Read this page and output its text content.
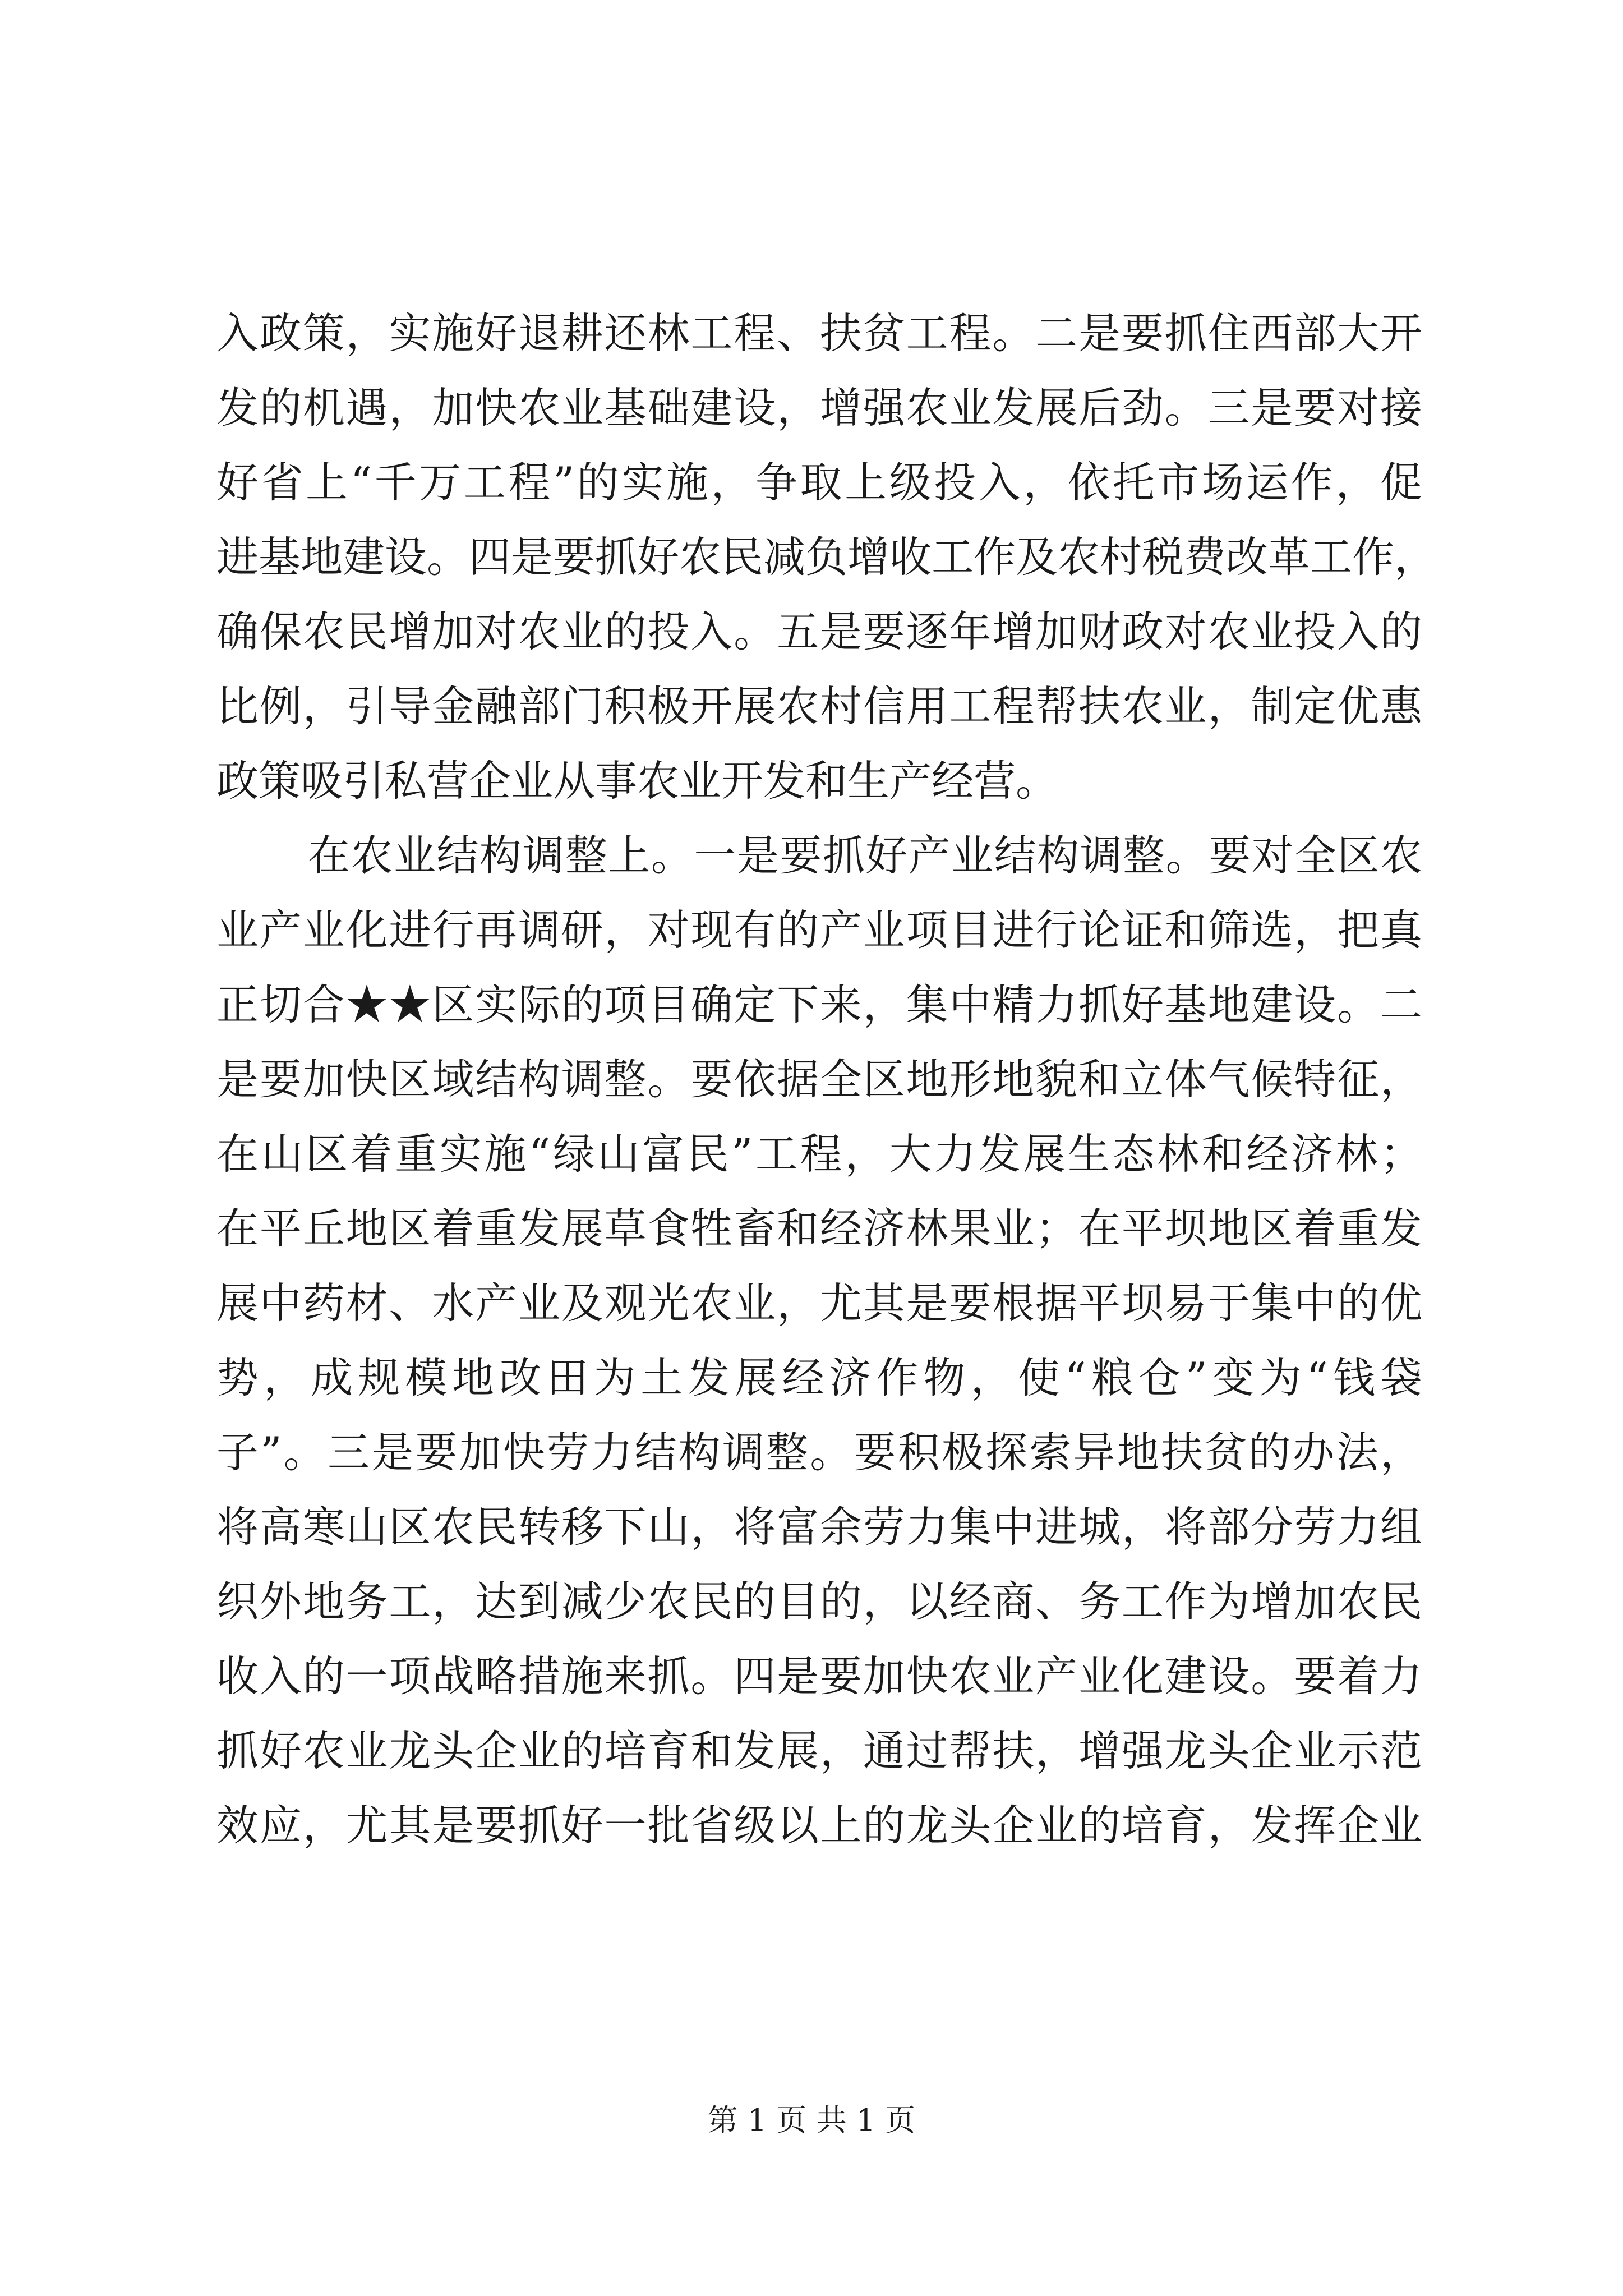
入政策，实施好退耕还林工程、扶贫工程。二是要抓住西部大开
发的机遇，加快农业基础建设，增强农业发展后劲。三是要对接
好省上“千万工程”的实施，争取上级投入，依托市场运作，促
进基地建设。四是要抓好农民减负增收工作及农村税费改革工作，
确保农民增加对农业的投入。五是要逐年增加财政对农业投入的
比例，引导金融部门积极开展农村信用工程帮扶农业，制定优惠
政策吸引私营企业从事农业开发和生产经营。
在农业结构调整上。一是要抓好产业结构调整。要对全区农
业产业化进行再调研，对现有的产业项目进行论证和筛选，把真
正切合★★区实际的项目确定下来，集中精力抓好基地建设。二
是要加快区域结构调整。要依据全区地形地貌和立体气候特征，
在山区着重实施“绿山富民”工程，大力发展生态林和经济林；
在平丘地区着重发展草食牲畜和经济林果业；在平坝地区着重发
展中药材、水产业及观光农业，尤其是要根据平坝易于集中的优
势，成规模地改田为土发展经济作物，使“粮仓”变为“钱袋
子”。三是要加快劳力结构调整。要积极探索异地扶贫的办法，
将高寒山区农民转移下山，将富余劳力集中进城，将部分劳力组
织外地务工，达到减少农民的目的，以经商、务工作为增加农民
收入的一项战略措施来抓。四是要加快农业产业化建设。要着力
抓好农业龙头企业的培育和发展，通过帮扶，增强龙头企业示范
效应，尤其是要抓好一批省级以上的龙头企业的培育，发挥企业
第 1 页 共 1 页
